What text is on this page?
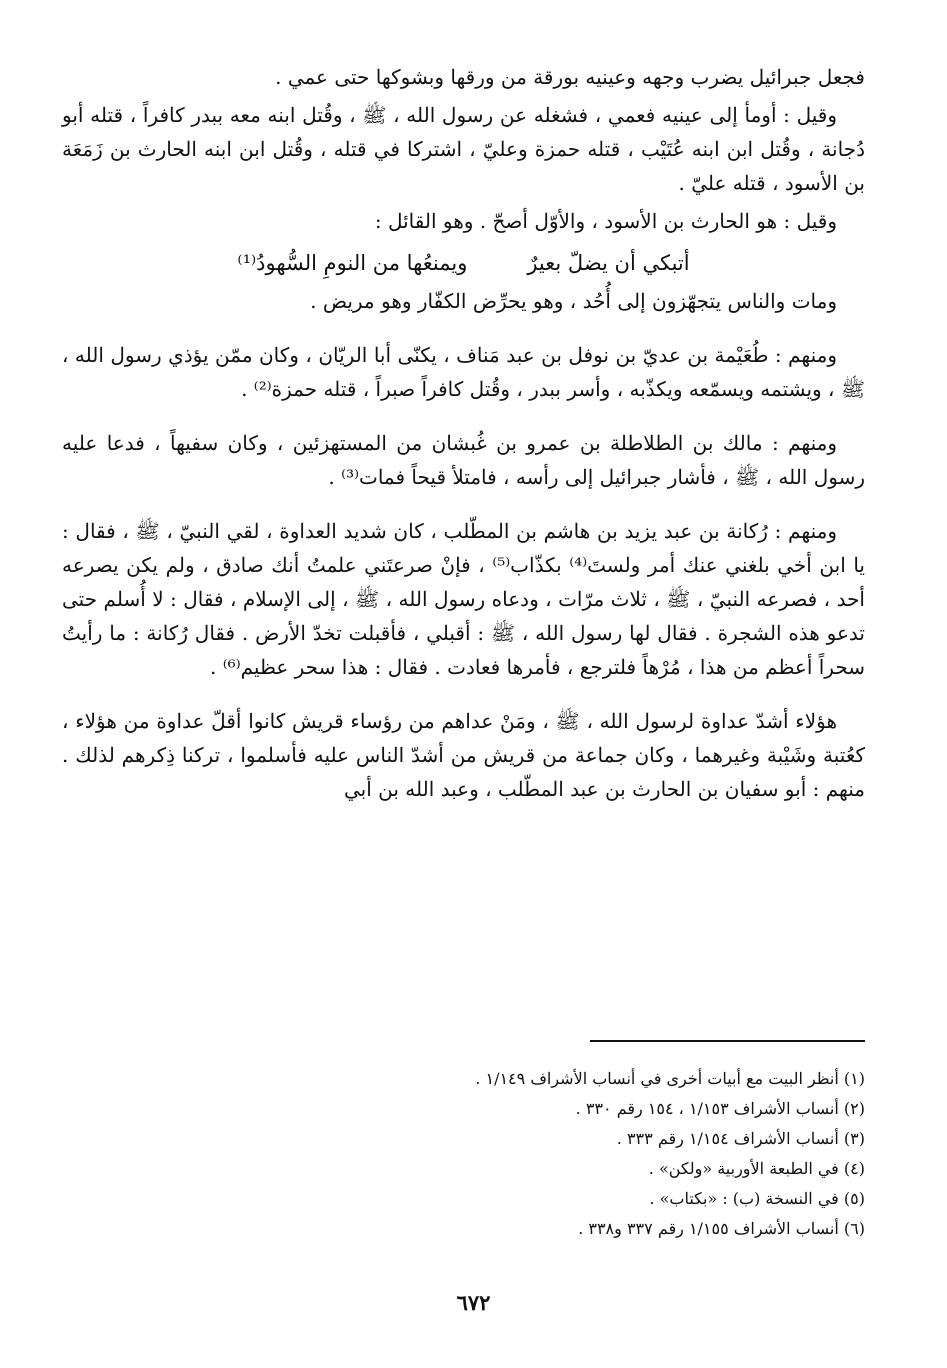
فجعل جبرائيل يضرب وجهه وعينيه بورقة من ورقها وبشوكها حتى عمي .

وقيل : أومأ إلى عينيه فعمي ، فشغله عن رسول الله ، ﷺ ، وقُتل ابنه معه ببدر كافراً ، قتله أبو دُجانة ، وقُتل ابن ابنه عُتَيْب ، قتله حمزة وعليّ ، اشتركا في قتله ، وقُتل ابن ابنه الحارث بن زَمَعَة بن الأسود ، قتله عليّ .

وقيل : هو الحارث بن الأسود ، والأوّل أصحّ . وهو القائل :

أتبكي أن يضلّ بعيرٌ
ويمنعُها من النومِ السُّهودُ⁽¹⁾

ومات والناس يتجهّزون إلى أُحُد ، وهو يحرِّض الكفّار وهو مريض .

ومنهم : طُعَيْمة بن عديّ بن نوفل بن عبد مَناف ، يكنّى أبا الريّان ، وكان ممّن يؤذي رسول الله ، ﷺ ، ويشتمه ويسمّعه ويكذّبه ، وأسر ببدر ، وقُتل كافراً صبراً ، قتله حمزة⁽²⁾ .

ومنهم : مالك بن الطلاطلة بن عمرو بن غُبشان من المستهزئين ، وكان سفيهاً ، فدعا عليه رسول الله ، ﷺ ، فأشار جبرائيل إلى رأسه ، فامتلأ قيحاً فمات⁽³⁾ .

ومنهم : رُكانة بن عبد يزيد بن هاشم بن المطّلب ، كان شديد العداوة ، لقي النبيّ ، ﷺ ، فقال : يا ابن أخي بلغني عنك أمر ولستَ⁽⁴⁾ بكذّاب⁽⁵⁾ ، فإنْ صرعتَني علمتُ أنك صادق ، ولم يكن يصرعه أحد ، فصرعه النبيّ ، ﷺ ، ثلاث مرّات ، ودعاه رسول الله ، ﷺ ، إلى الإسلام ، فقال : لا أُسلم حتى تدعو هذه الشجرة . فقال لها رسول الله ، ﷺ : أقبلي ، فأقبلت تخدّ الأرض . فقال رُكانة : ما رأيتُ سحراً أعظم من هذا ، مُرْهاً فلترجع ، فأمرها فعادت . فقال : هذا سحر عظيم⁽⁶⁾ .

هؤلاء أشدّ عداوة لرسول الله ، ﷺ ، ومَنْ عداهم من رؤساء قريش كانوا أقلّ عداوة من هؤلاء ، كعُتبة وشَيْبة وغيرهما ، وكان جماعة من قريش من أشدّ الناس عليه فأسلموا ، تركنا ذِكرهم لذلك . منهم : أبو سفيان بن الحارث بن عبد المطّلب ، وعبد الله بن أبي

(١) أنظر البيت مع أبيات أخرى في أنساب الأشراف ١/١٤٩ .
(٢) أنساب الأشراف ١/١٥٣ ، ١٥٤ رقم ٣٣٠ .
(٣) أنساب الأشراف ١/١٥٤ رقم ٣٣٣ .
(٤) في الطبعة الأوربية «ولكن» .
(٥) في النسخة (ب) : «بكتاب» .
(٦) أنساب الأشراف ١/١٥٥ رقم ٣٣٧ و٣٣٨ .
٦٧٢
